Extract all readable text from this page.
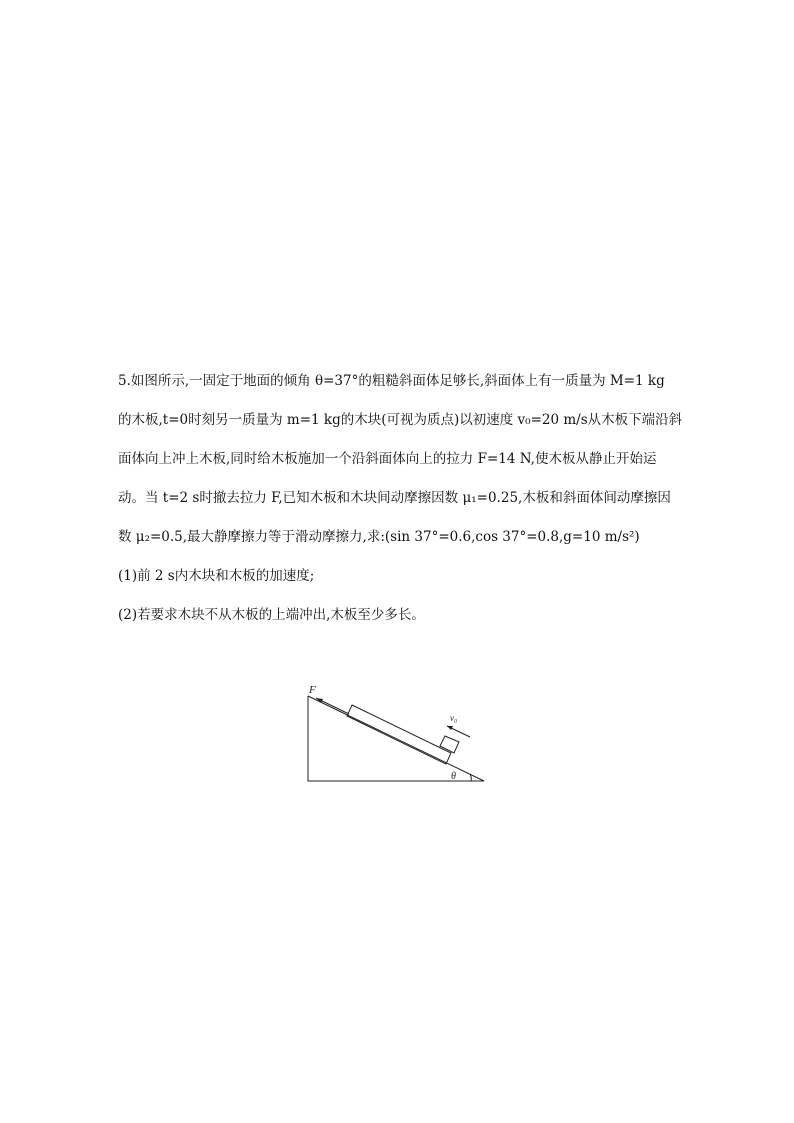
5.如图所示,一固定于地面的倾角 θ=37°的粗糙斜面体足够长,斜面体上有一质量为 M=1 kg

的木板,t=0时刻另一质量为 m=1 kg的木块(可视为质点)以初速度 v₀=20 m/s从木板下端沿斜

面体向上冲上木板,同时给木板施加一个沿斜面体向上的拉力 F=14 N,使木板从静止开始运

动。当 t=2 s时撤去拉力 F,已知木板和木块间动摩擦因数 μ₁=0.25,木板和斜面体间动摩擦因

数 μ₂=0.5,最大静摩擦力等于滑动摩擦力,求:(sin 37°=0.6,cos 37°=0.8,g=10 m/s²)

(1)前 2 s内木块和木板的加速度;

(2)若要求木块不从木板的上端冲出,木板至少多长。

F
v₀
θ
